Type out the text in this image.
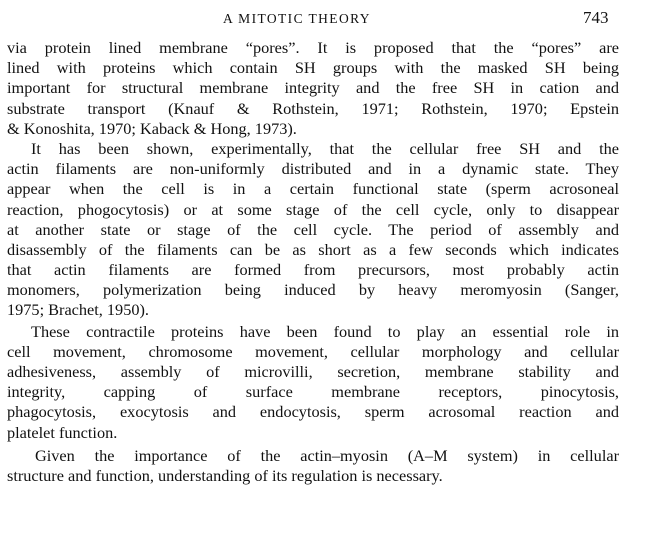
A MITOTIC THEORY	743
via protein lined membrane “pores”. It is proposed that the “pores” are
lined with proteins which contain SH groups with the masked SH being
important for structural membrane integrity and the free SH in cation and
substrate transport (Knauf & Rothstein, 1971; Rothstein, 1970; Epstein
& Konoshita, 1970; Kaback & Hong, 1973).
It has been shown, experimentally, that the cellular free SH and the
actin filaments are non-uniformly distributed and in a dynamic state. They
appear when the cell is in a certain functional state (sperm acrosoneal
reaction, phogocytosis) or at some stage of the cell cycle, only to disappear
at another state or stage of the cell cycle. The period of assembly and
disassembly of the filaments can be as short as a few seconds which indicates
that actin filaments are formed from precursors, most probably actin
monomers, polymerization being induced by heavy meromyosin (Sanger,
1975; Brachet, 1950).
These contractile proteins have been found to play an essential role in
cell movement, chromosome movement, cellular morphology and cellular
adhesiveness, assembly of microvilli, secretion, membrane stability and
integrity, capping of surface membrane receptors, pinocytosis,
phagocytosis, exocytosis and endocytosis, sperm acrosomal reaction and
platelet function.
Given the importance of the actin–myosin (A–M system) in cellular
structure and function, understanding of its regulation is necessary.
